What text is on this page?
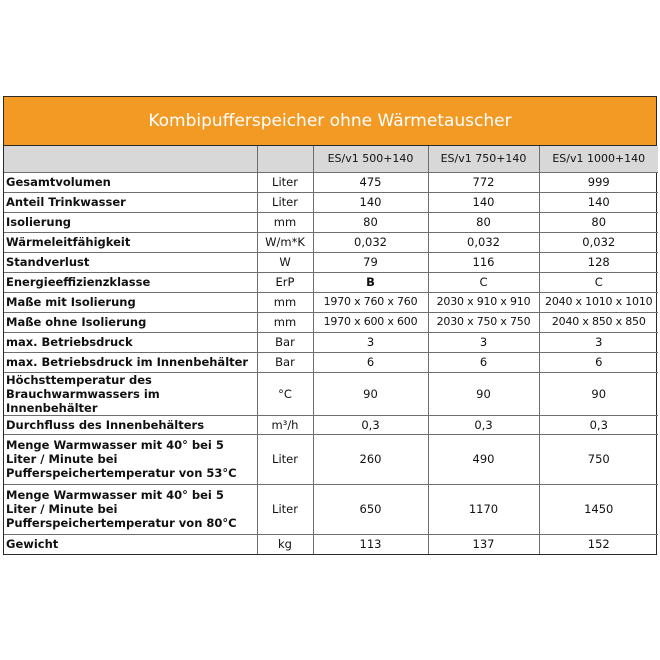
Kombipufferspeicher ohne Wärmetauscher
		ES/v1 500+140	ES/v1 750+140	ES/v1 1000+140
Gesamtvolumen	Liter	475	772	999
Anteil Trinkwasser	Liter	140	140	140
Isolierung	mm	80	80	80
Wärmeleitfähigkeit	W/m*K	0,032	0,032	0,032
Standverlust	W	79	116	128
Energieeffizienzklasse	ErP	B	C	C
Maße mit Isolierung	mm	1970 x 760 x 760	2030 x 910 x 910	2040 x 1010 x 1010
Maße ohne Isolierung	mm	1970 x 600 x 600	2030 x 750 x 750	2040 x 850 x 850
max. Betriebsdruck	Bar	3	3	3
max. Betriebsdruck im Innenbehälter	Bar	6	6	6
Höchsttemperatur des Brauchwarmwassers im Innenbehälter	°C	90	90	90
Durchfluss des Innenbehälters	m³/h	0,3	0,3	0,3
Menge Warmwasser mit 40° bei 5 Liter / Minute bei Pufferspeichertemperatur von 53°C	Liter	260	490	750
Menge Warmwasser mit 40° bei 5 Liter / Minute bei Pufferspeichertemperatur von 80°C	Liter	650	1170	1450
Gewicht	kg	113	137	152
